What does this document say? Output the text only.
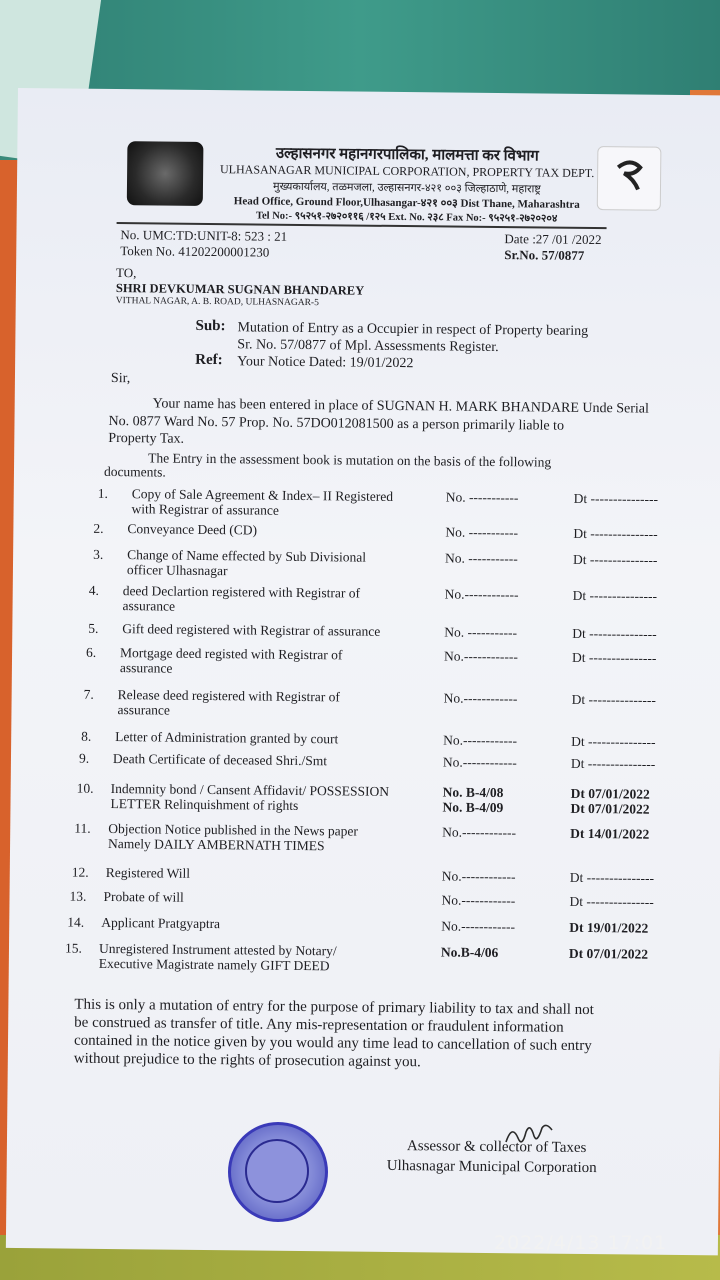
उल्हासनगर महानगरपालिका, मालमत्ता कर विभाग
ULHASANAGAR MUNICIPAL CORPORATION, PROPERTY TAX DEPT.
मुख्यकार्यालय, तळमजला, उल्हासनगर-४२१ ००३ जिल्हाठाणे, महाराष्ट्र
Head Office, Ground Floor,Ulhasangar-४२१ ००३ Dist Thane, Maharashtra
Tel No:- ९५२५१-२७२०११६ /१२५ Ext. No. २३८ Fax No:- ९५२५१-२७२०२०४
No. UMC:TD:UNIT-8: 523 : 21
Token No. 41202200001230
Date :27 /01 /2022
Sr.No. 57/0877
TO,
SHRI DEVKUMAR SUGNAN BHANDAREY
VITHAL NAGAR, A. B. ROAD, ULHASNAGAR-5
Sub: Mutation of Entry as a Occupier in respect of Property bearing
Sr. No. 57/0877 of Mpl. Assessments Register.
Ref: Your Notice Dated: 19/01/2022
Sir,
Your name has been entered in place of SUGNAN H. MARK BHANDARE Unde Serial
No. 0877 Ward No. 57 Prop. No. 57DO012081500 as a person primarily liable to
Property Tax.
The Entry in the assessment book is mutation on the basis of the following
documents.
1. Copy of Sale Agreement & Index– II Registered
with Registrar of assurance
No. -----------	Dt ---------------
2. Conveyance Deed (CD)	No. -----------	Dt ---------------
3. Change of Name effected by Sub Divisional
officer Ulhasnagar
No. -----------	Dt ---------------
4. deed Declartion registered with Registrar of
assurance
No.------------	Dt ---------------
5. Gift deed registered with Registrar of assurance	No. -----------	Dt ---------------
6. Mortgage deed registed with Registrar of
assurance
No.------------	Dt ---------------
7. Release deed registered with Registrar of
assurance
No.------------	Dt ---------------
8. Letter of Administration granted by court	No.------------	Dt ---------------
9. Death Certificate of deceased Shri./Smt	No.------------	Dt ---------------
10. Indemnity bond / Cansent Affidavit/ POSSESSION
LETTER Relinquishment of rights
No. B-4/08	Dt 07/01/2022
No. B-4/09	Dt 07/01/2022
11. Objection Notice published in the News paper
Namely DAILY AMBERNATH TIMES
No.------------	Dt 14/01/2022
12. Registered Will	No.------------	Dt ---------------
13. Probate of will	No.------------	Dt ---------------
14. Applicant Pratgyaptra	No.------------	Dt 19/01/2022
15. Unregistered Instrument attested by Notary/
Executive Magistrate namely GIFT DEED
No.B-4/06	Dt 07/01/2022
This is only a mutation of entry for the purpose of primary liability to tax and shall not
be construed as transfer of title. Any mis-representation or fraudulent information
contained in the notice given by you would any time lead to cancellation of such entry
without prejudice to the rights of prosecution against you.
Assessor & collector of Taxes
Ulhasnagar Municipal Corporation
2022/4/13 17:01
